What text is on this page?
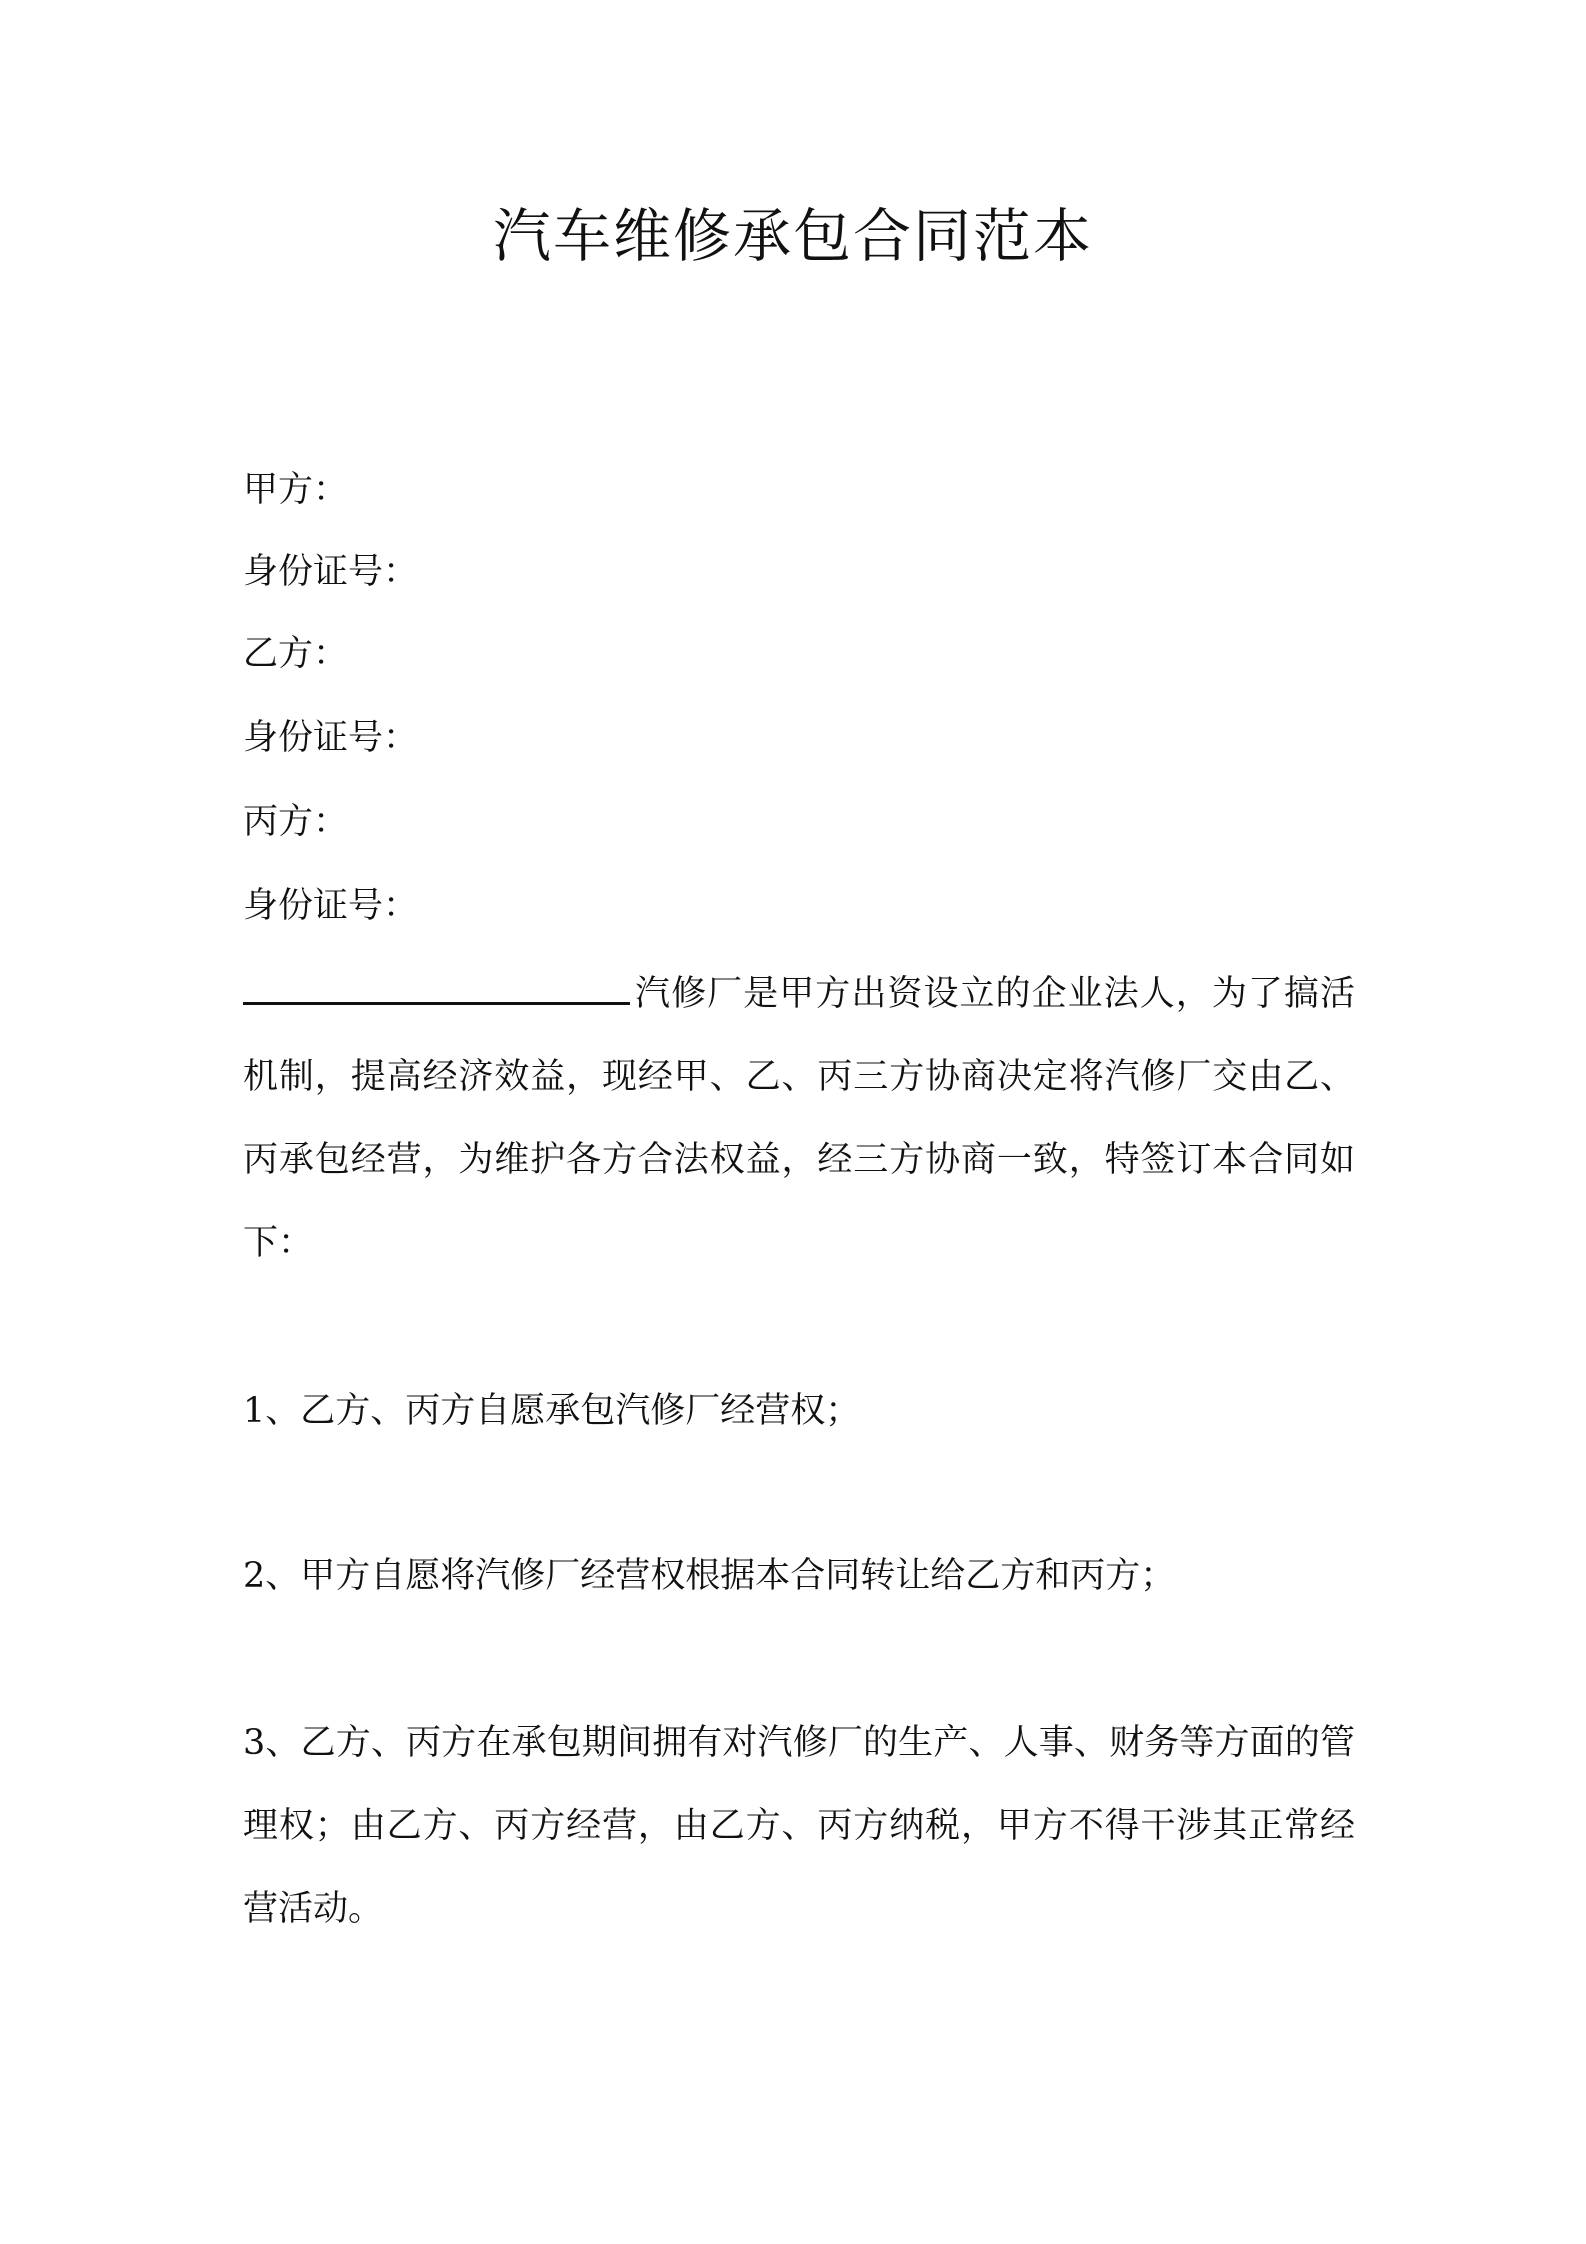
汽车维修承包合同范本

甲方：

身份证号：

乙方：

身份证号：

丙方：

身份证号：

汽修厂是甲方出资设立的企业法人，为了搞活机制，提高经济效益，现经甲、乙、丙三方协商决定将汽修厂交由乙、丙承包经营，为维护各方合法权益，经三方协商一致，特签订本合同如下：

1、乙方、丙方自愿承包汽修厂经营权；

2、甲方自愿将汽修厂经营权根据本合同转让给乙方和丙方；

3、乙方、丙方在承包期间拥有对汽修厂的生产、人事、财务等方面的管理权；由乙方、丙方经营，由乙方、丙方纳税，甲方不得干涉其正常经营活动。
